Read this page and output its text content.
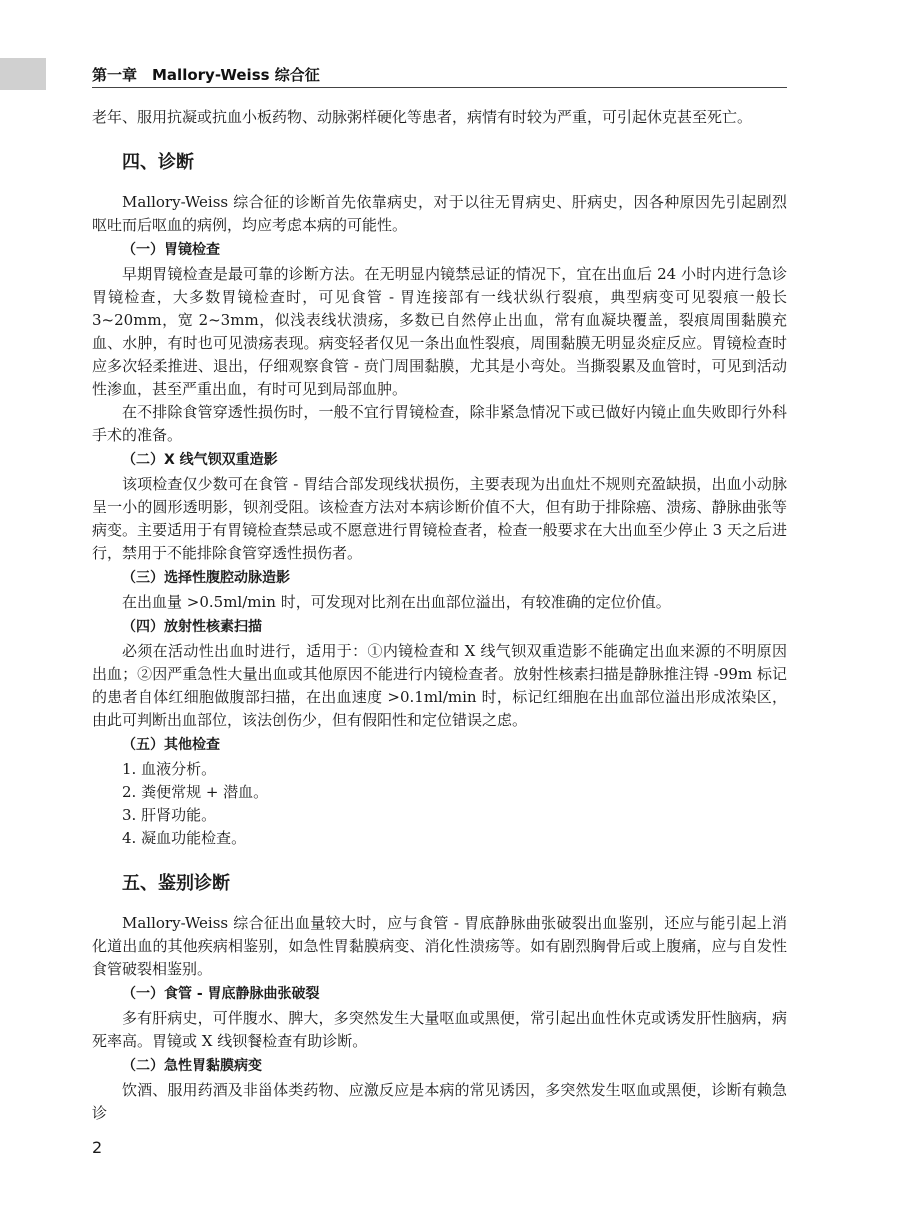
第一章　Mallory-Weiss 综合征

老年、服用抗凝或抗血小板药物、动脉粥样硬化等患者，病情有时较为严重，可引起休克甚至死亡。

四、诊断

Mallory-Weiss 综合征的诊断首先依靠病史，对于以往无胃病史、肝病史，因各种原因先引起剧烈呕吐而后呕血的病例，均应考虑本病的可能性。

（一）胃镜检查

早期胃镜检查是最可靠的诊断方法。在无明显内镜禁忌证的情况下，宜在出血后 24 小时内进行急诊胃镜检查，大多数胃镜检查时，可见食管 - 胃连接部有一线状纵行裂痕，典型病变可见裂痕一般长 3~20mm，宽 2~3mm，似浅表线状溃疡，多数已自然停止出血，常有血凝块覆盖，裂痕周围黏膜充血、水肿，有时也可见溃疡表现。病变轻者仅见一条出血性裂痕，周围黏膜无明显炎症反应。胃镜检查时应多次轻柔推进、退出，仔细观察食管 - 贲门周围黏膜，尤其是小弯处。当撕裂累及血管时，可见到活动性渗血，甚至严重出血，有时可见到局部血肿。

在不排除食管穿透性损伤时，一般不宜行胃镜检查，除非紧急情况下或已做好内镜止血失败即行外科手术的准备。

（二）X 线气钡双重造影

该项检查仅少数可在食管 - 胃结合部发现线状损伤，主要表现为出血灶不规则充盈缺损，出血小动脉呈一小的圆形透明影，钡剂受阻。该检查方法对本病诊断价值不大，但有助于排除癌、溃疡、静脉曲张等病变。主要适用于有胃镜检查禁忌或不愿意进行胃镜检查者，检查一般要求在大出血至少停止 3 天之后进行，禁用于不能排除食管穿透性损伤者。

（三）选择性腹腔动脉造影

在出血量 >0.5ml/min 时，可发现对比剂在出血部位溢出，有较准确的定位价值。

（四）放射性核素扫描

必须在活动性出血时进行，适用于：①内镜检查和 X 线气钡双重造影不能确定出血来源的不明原因出血；②因严重急性大量出血或其他原因不能进行内镜检查者。放射性核素扫描是静脉推注锝 -99m 标记的患者自体红细胞做腹部扫描，在出血速度 >0.1ml/min 时，标记红细胞在出血部位溢出形成浓染区，由此可判断出血部位，该法创伤少，但有假阳性和定位错误之虑。

（五）其他检查
1. 血液分析。
2. 粪便常规 + 潜血。
3. 肝肾功能。
4. 凝血功能检查。
五、鉴别诊断

Mallory-Weiss 综合征出血量较大时，应与食管 - 胃底静脉曲张破裂出血鉴别，还应与能引起上消化道出血的其他疾病相鉴别，如急性胃黏膜病变、消化性溃疡等。如有剧烈胸骨后或上腹痛，应与自发性食管破裂相鉴别。

（一）食管 - 胃底静脉曲张破裂

多有肝病史，可伴腹水、脾大，多突然发生大量呕血或黑便，常引起出血性休克或诱发肝性脑病，病死率高。胃镜或 X 线钡餐检查有助诊断。

（二）急性胃黏膜病变

饮酒、服用药酒及非甾体类药物、应激反应是本病的常见诱因，多突然发生呕血或黑便，诊断有赖急诊

2
